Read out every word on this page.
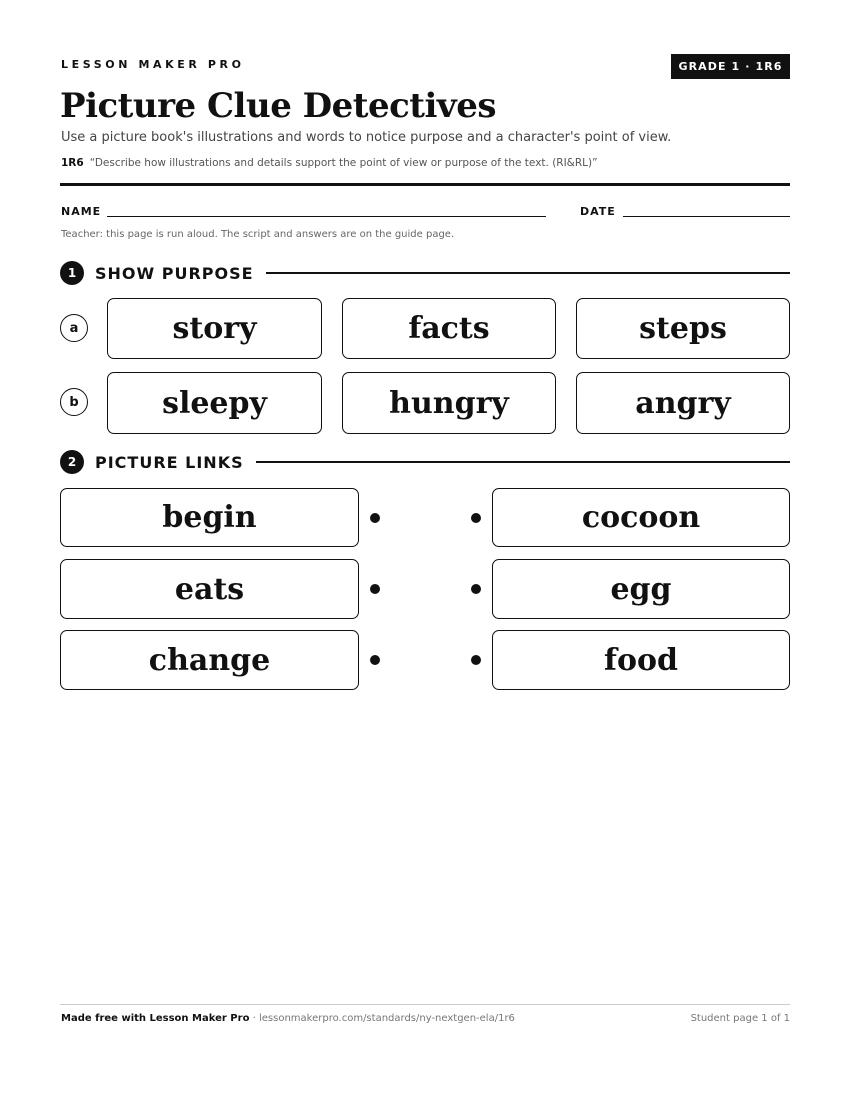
LESSON MAKER PRO	GRADE 1 · 1R6
Picture Clue Detectives
Use a picture book's illustrations and words to notice purpose and a character's point of view.
1R6 “Describe how illustrations and details support the point of view or purpose of the text. (RI&RL)”
NAME	DATE
Teacher: this page is run aloud. The script and answers are on the guide page.
1	SHOW PURPOSE
a	story	facts	steps
b	sleepy	hungry	angry
2	PICTURE LINKS
begin	cocoon
eats	egg
change	food
Made free with Lesson Maker Pro · lessonmakerpro.com/standards/ny-nextgen-ela/1r6	Student page 1 of 1
